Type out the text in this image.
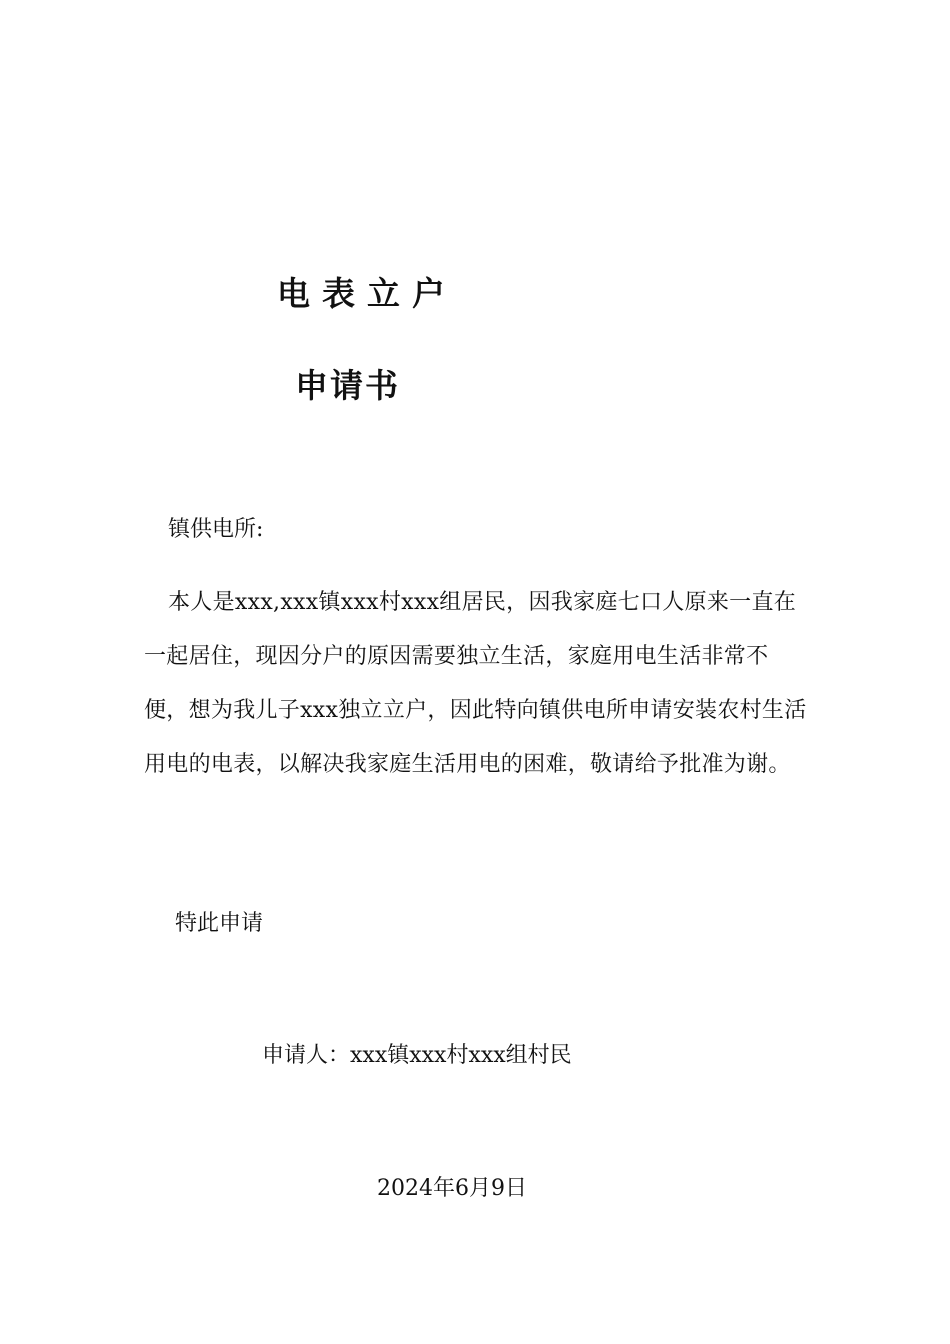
电表立户
申请书
镇供电所:
本人是xxx,xxx镇xxx村xxx组居民，因我家庭七口人原来一直在一起居住，现因分户的原因需要独立生活，家庭用电生活非常不便，想为我儿子xxx独立立户，因此特向镇供电所申请安装农村生活用电的电表，以解决我家庭生活用电的困难，敬请给予批准为谢。
特此申请
申请人：xxx镇xxx村xxx组村民
2024年6月9日
